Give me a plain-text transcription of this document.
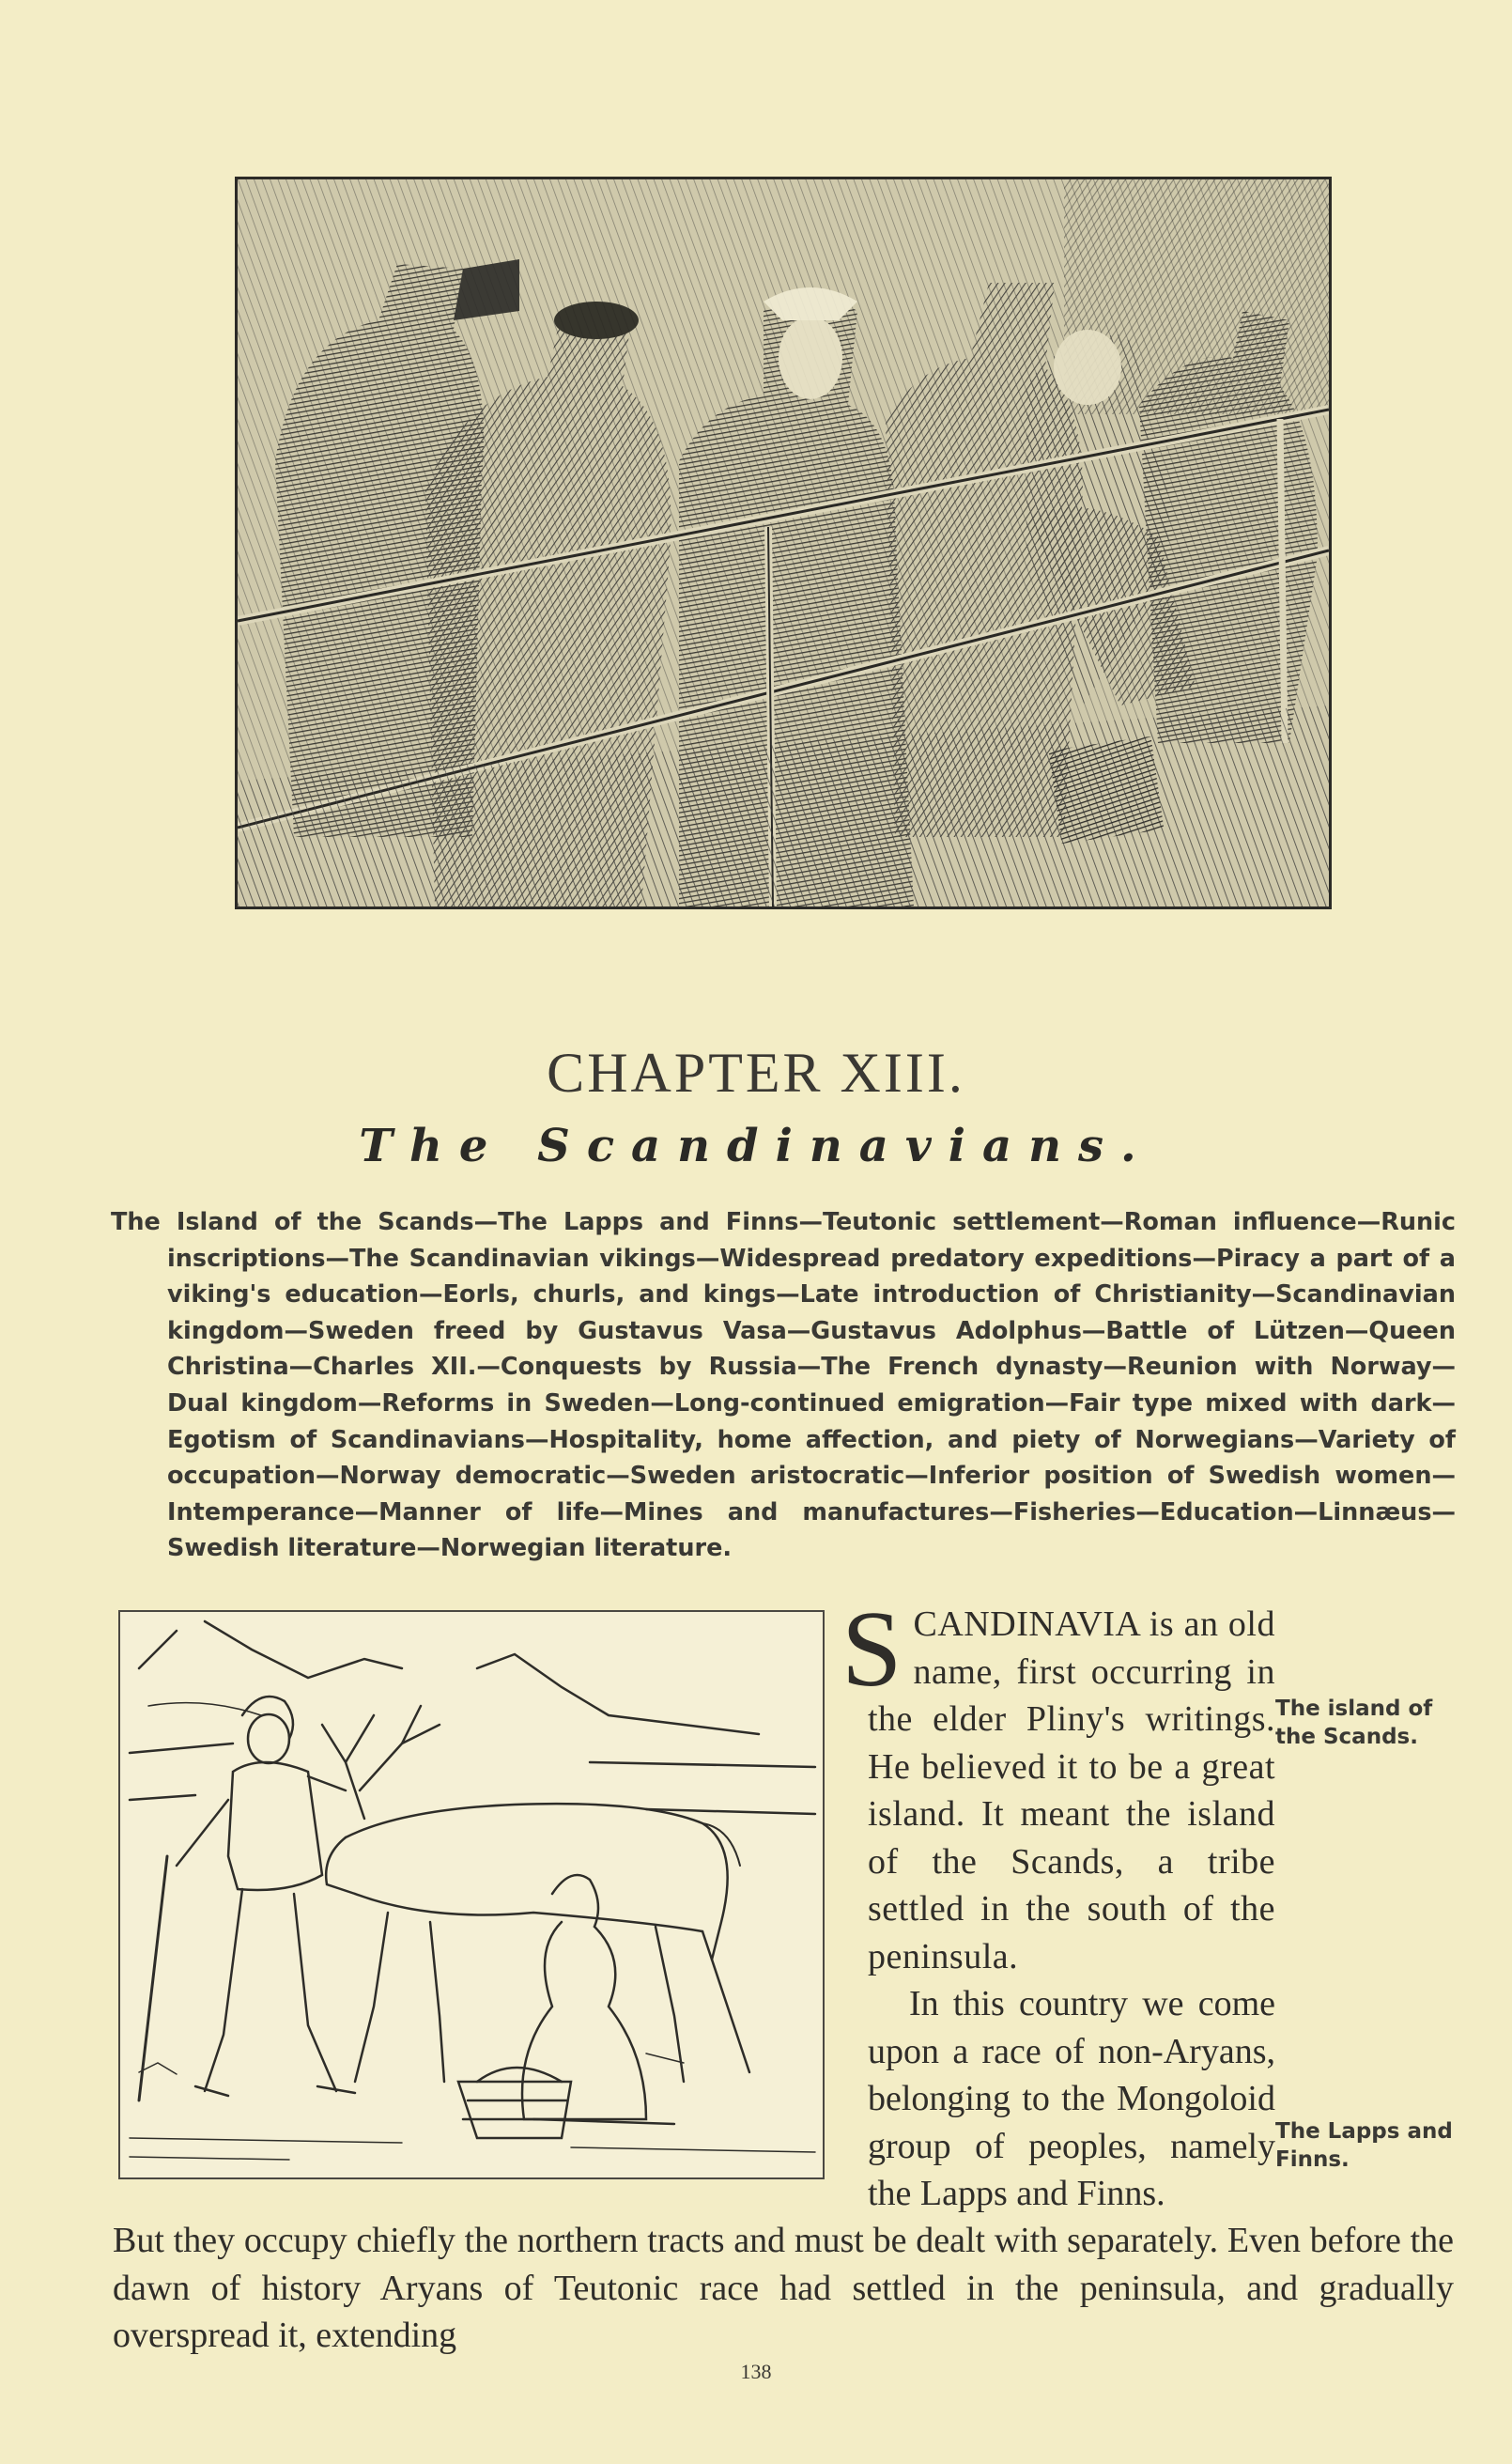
CHAPTER XIII.
The Scandinavians.
The Island of the Scands—The Lapps and Finns—Teutonic settlement—Roman influence—Runic inscriptions—The Scandinavian vikings—Widespread predatory expeditions—Piracy a part of a viking's education—Eorls, churls, and kings—Late introduction of Christianity—Scandinavian kingdom—Sweden freed by Gustavus Vasa—Gustavus Adolphus—Battle of Lützen—Queen Christina—Charles XII.—Conquests by Russia—The French dynasty—Reunion with Norway—Dual kingdom—Reforms in Sweden—Long-continued emigration—Fair type mixed with dark—Egotism of Scandinavians—Hospitality, home affection, and piety of Norwegians—Variety of occupation—Norway democratic—Sweden aristocratic—Inferior position of Swedish women—Intemperance—Manner of life—Mines and manufactures—Fisheries—Education—Linnæus—Swedish literature—Norwegian literature.
S	The island of the Scands.
The Lapps and Finns.
CANDINAVIA is an old name, first occurring in the elder Pliny's writings. He believed it to be a great island. It meant the island of the Scands, a tribe settled in the south of the peninsula.
In this country we come upon a race of non-Aryans, belonging to the Mongoloid group of peoples, namely the Lapps and Finns.
But they occupy chiefly the northern tracts and must be dealt with separately. Even before the dawn of history Aryans of Teutonic race had settled in the peninsula, and gradually overspread it, extending
138
